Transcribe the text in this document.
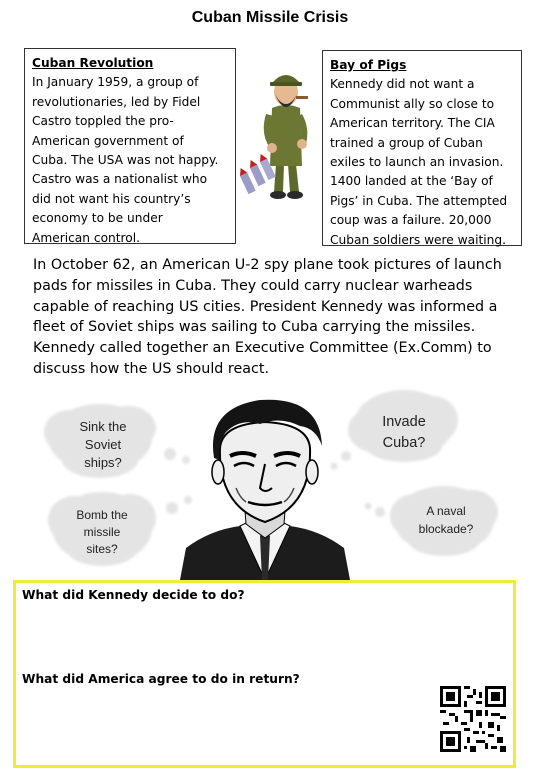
Cuban Missile Crisis
Cuban Revolution
In January 1959, a group of
revolutionaries, led by Fidel
Castro toppled the pro-
American government of
Cuba. The USA was not happy.
Castro was a nationalist who
did not want his country’s
economy to be under
American control.
Bay of Pigs
Kennedy did not want a
Communist ally so close to
American territory. The CIA
trained a group of Cuban
exiles to launch an invasion.
1400 landed at the ‘Bay of
Pigs’ in Cuba. The attempted
coup was a failure. 20,000
Cuban soldiers were waiting.
In October 62, an American U-2 spy plane took pictures of launch
pads for missiles in Cuba. They could carry nuclear warheads
capable of reaching US cities. President Kennedy was informed a
fleet of Soviet ships was sailing to Cuba carrying the missiles.
Kennedy called together an Executive Committee (Ex.Comm) to
discuss how the US should react.
Sink the
Soviet
ships?
Invade
Cuba?
Bomb the
missile
sites?
A naval
blockade?
What did Kennedy decide to do?
What did America agree to do in return?
